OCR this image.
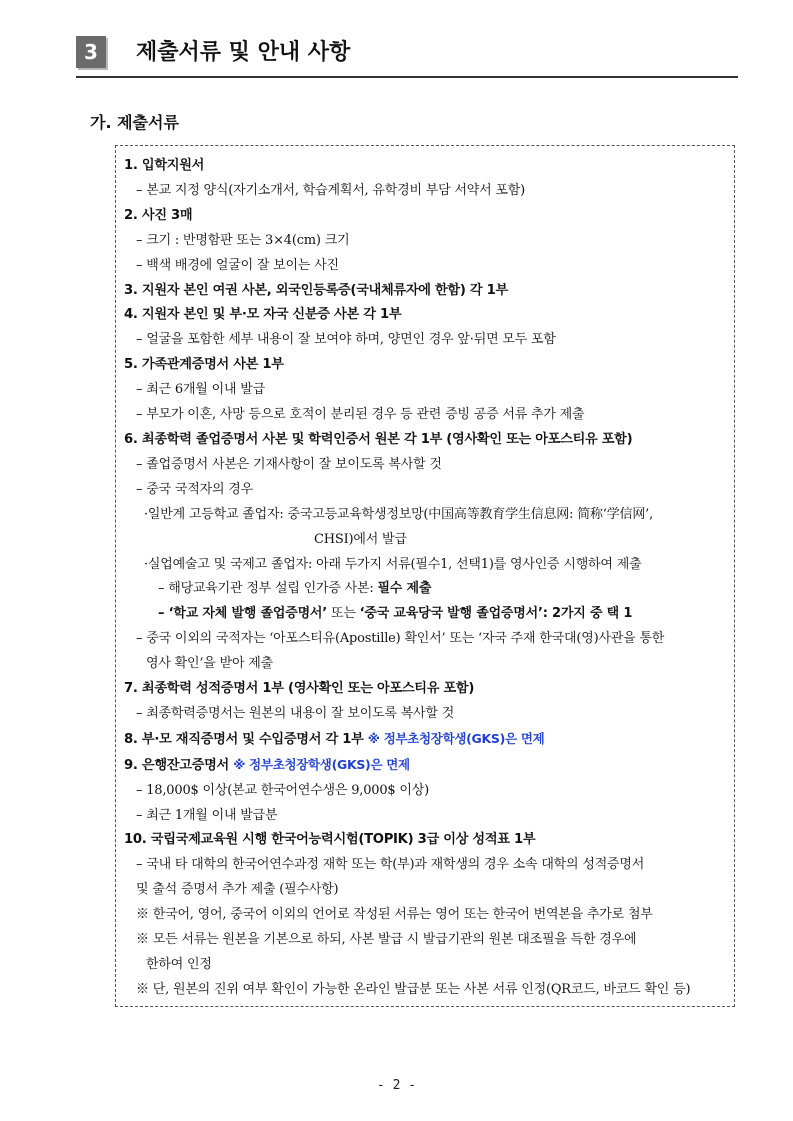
3	제출서류 및 안내 사항
가. 제출서류
1. 입학지원서
– 본교 지정 양식(자기소개서, 학습계획서, 유학경비 부담 서약서 포함)
2. 사진 3매
– 크기 : 반명함판 또는 3×4(cm) 크기
– 백색 배경에 얼굴이 잘 보이는 사진
3. 지원자 본인 여권 사본, 외국인등록증(국내체류자에 한함) 각 1부
4. 지원자 본인 및 부·모 자국 신분증 사본 각 1부
– 얼굴을 포함한 세부 내용이 잘 보여야 하며, 양면인 경우 앞·뒤면 모두 포함
5. 가족관계증명서 사본 1부
– 최근 6개월 이내 발급
– 부모가 이혼, 사망 등으로 호적이 분리된 경우 등 관련 증빙 공증 서류 추가 제출
6. 최종학력 졸업증명서 사본 및 학력인증서 원본 각 1부 (영사확인 또는 아포스티유 포함)
– 졸업증명서 사본은 기재사항이 잘 보이도록 복사할 것
– 중국 국적자의 경우
·일반계 고등학교 졸업자: 중국고등교육학생정보망(中国高等教育学生信息网: 简称‘学信网’,
CHSI)에서 발급
·실업예술고 및 국제고 졸업자: 아래 두가지 서류(필수1, 선택1)를 영사인증 시행하여 제출
– 해당교육기관 정부 설립 인가증 사본: 필수 제출
– ‘학교 자체 발행 졸업증명서’ 또는 ‘중국 교육당국 발행 졸업증명서’: 2가지 중 택 1
– 중국 이외의 국적자는 ‘아포스티유(Apostille) 확인서’ 또는 ‘자국 주재 한국대(영)사관을 통한
영사 확인’을 받아 제출
7. 최종학력 성적증명서 1부 (영사확인 또는 아포스티유 포함)
– 최종학력증명서는 원본의 내용이 잘 보이도록 복사할 것
8. 부·모 재직증명서 및 수입증명서 각 1부 ※ 정부초청장학생(GKS)은 면제
9. 은행잔고증명서 ※ 정부초청장학생(GKS)은 면제
– 18,000$ 이상(본교 한국어연수생은 9,000$ 이상)
– 최근 1개월 이내 발급분
10. 국립국제교육원 시행 한국어능력시험(TOPIK) 3급 이상 성적표 1부
– 국내 타 대학의 한국어연수과정 재학 또는 학(부)과 재학생의 경우 소속 대학의 성적증명서
및 출석 증명서 추가 제출 (필수사항)
※ 한국어, 영어, 중국어 이외의 언어로 작성된 서류는 영어 또는 한국어 번역본을 추가로 첨부
※ 모든 서류는 원본을 기본으로 하되, 사본 발급 시 발급기관의 원본 대조필을 득한 경우에
한하여 인정
※ 단, 원본의 진위 여부 확인이 가능한 온라인 발급분 또는 사본 서류 인정(QR코드, 바코드 확인 등)
- 2 -
